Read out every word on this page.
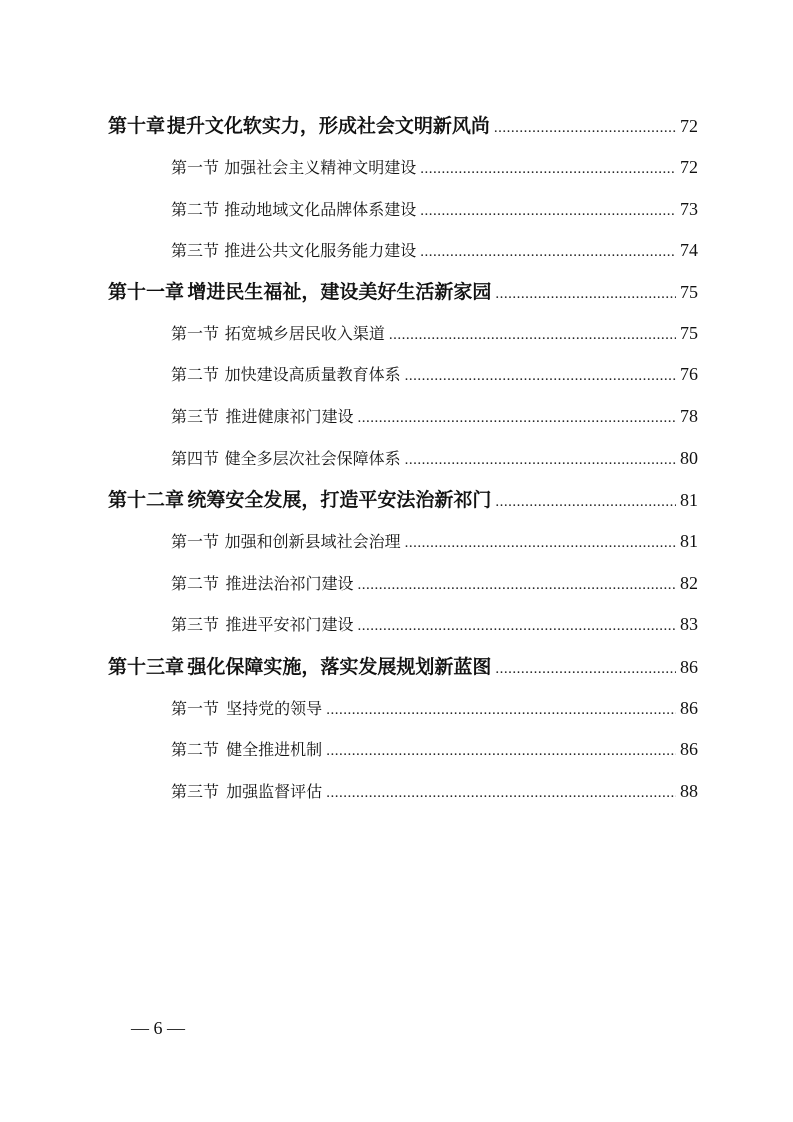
第十章 提升文化软实力，形成社会文明新风尚 .....	72
第一节 加强社会主义精神文明建设 .....	72
第二节 推动地域文化品牌体系建设 .....	73
第三节 推进公共文化服务能力建设 .....	74
第十一章 增进民生福祉，建设美好生活新家园 .....	75
第一节 拓宽城乡居民收入渠道 .....	75
第二节 加快建设高质量教育体系 .....	76
第三节 推进健康祁门建设 .....	78
第四节 健全多层次社会保障体系 .....	80
第十二章 统筹安全发展，打造平安法治新祁门 .....	81
第一节 加强和创新县域社会治理 .....	81
第二节 推进法治祁门建设 .....	82
第三节 推进平安祁门建设 .....	83
第十三章 强化保障实施，落实发展规划新蓝图 .....	86
第一节 坚持党的领导 .....	86
第二节 健全推进机制 .....	86
第三节 加强监督评估 .....	88
— 6 —
